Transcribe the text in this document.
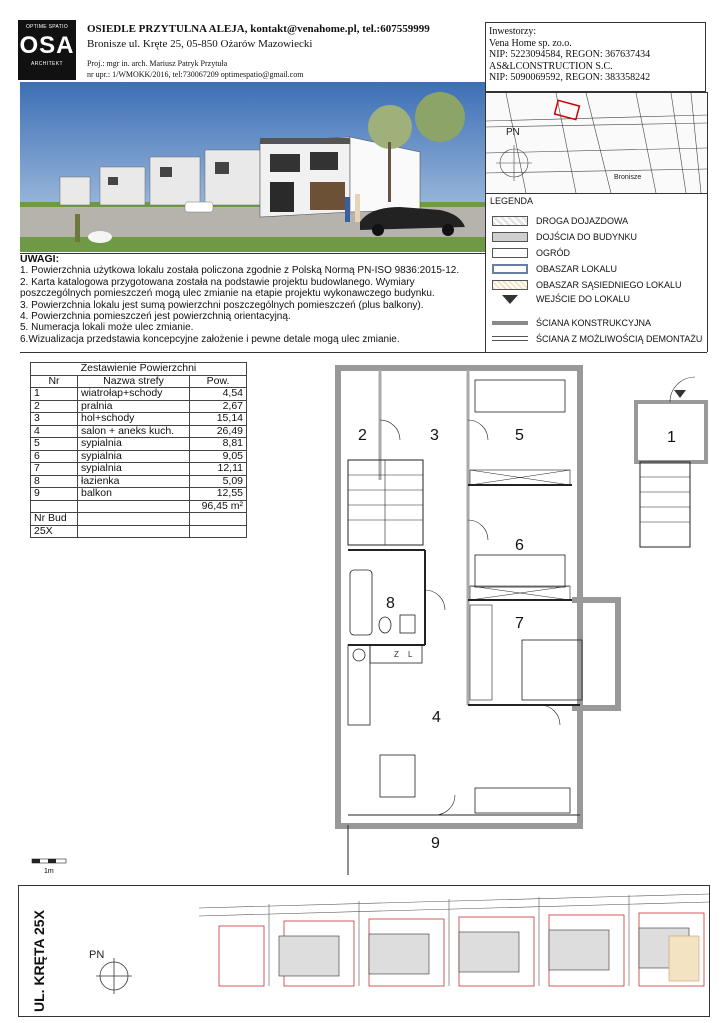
OPTIME SPATIO
OSA
ARCHITEKT
OSIEDLE PRZYTULNA ALEJA, kontakt@venahome.pl, tel.:607559999
Bronisze ul. Kręte 25, 05-850 Ożarów Mazowiecki
Proj.: mgr in. arch. Mariusz Patryk Przytuła
nr upr.: 1/WMOKK/2016, tel:730067209 optimespatio@gmail.com
Inwestorzy:
Vena Home sp. zo.o.
NIP: 5223094584, REGON: 367637434
AS&LCONSTRUCTION S.C.
NIP: 5090069592, REGON: 383358242
PN
Bronisze
LEGENDA
DROGA DOJAZDOWA
DOJŚCIA DO BUDYNKU
OGRÓD
OBASZAR LOKALU
OBASZAR SĄSIEDNIEGO LOKALU
WEJŚCIE DO LOKALU
ŚCIANA KONSTRUKCYJNA
ŚCIANA Z MOŻLIWOŚCIĄ DEMONTAŻU
UWAGI:
1. Powierzchnia użytkowa lokalu została policzona zgodnie z Polską Normą PN-ISO 9836:2015-12.
2. Karta katalogowa przygotowana została na podstawie projektu budowlanego. Wymiary
poszczególnych pomieszczeń mogą ulec zmianie na etapie projektu wykonawczego budynku.
3. Powierzchnia lokalu jest sumą powierzchni poszczególnych pomieszczeń (plus balkony).
4. Powierzchnia pomieszczeń jest powierzchnią orientacyjną.
5. Numeracja lokali może ulec zmianie.
6.Wizualizacja przedstawia koncepcyjne założenie i pewne detale mogą ulec zmianie.
Zestawienie Powierzchni		
Nr	Nazwa strefy	Pow.
1	wiatrołap+schody	4,54
2	pralnia	2,67
3	hol+schody	15,14
4	salon + aneks kuch.	26,49
5	sypialnia	8,81
6	sypialnia	9,05
7	sypialnia	12,11
8	łazienka	5,09
9	balkon	12,55
		96,45 m²
Nr Bud		
25X		
Z L
2	3	5
6
8
7
4
9
1
1m
PN
UL. KRĘTA 25X
